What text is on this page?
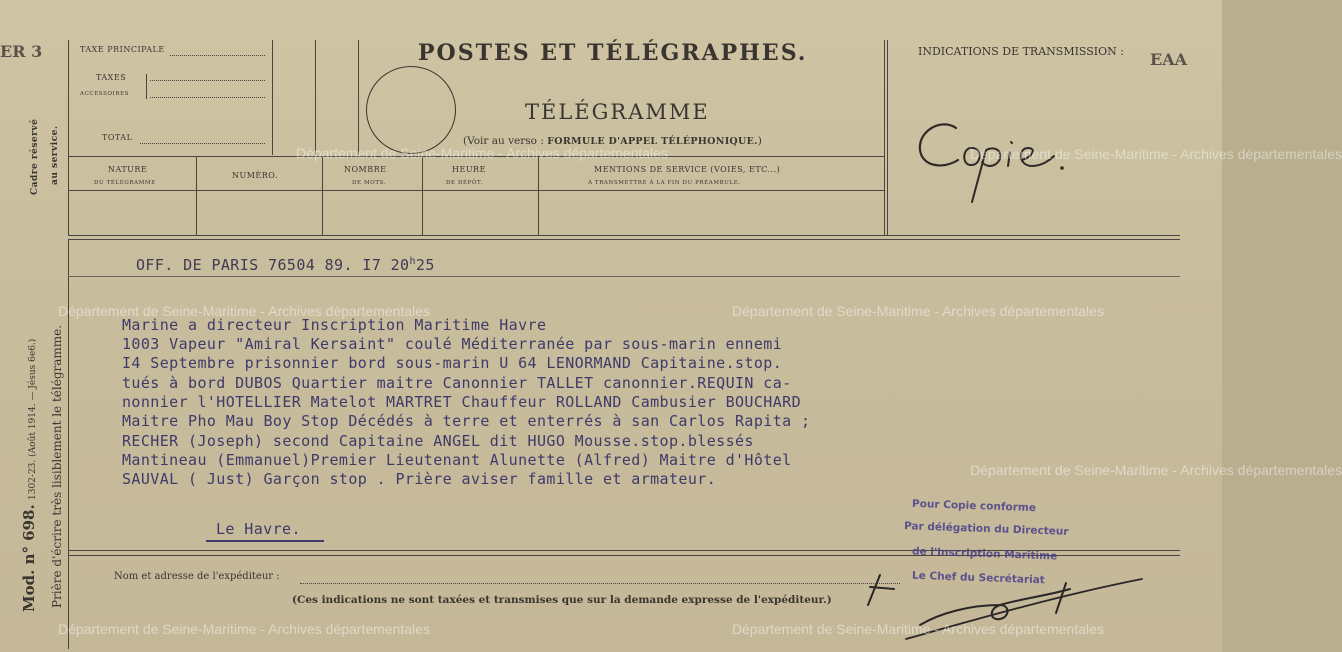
ER 3	EAA
TAXE PRINCIPALE
TAXES
ACCESSOIRES
TOTAL
POSTES ET TÉLÉGRAPHES.
TÉLÉGRAMME
(Voir au verso : FORMULE D'APPEL TÉLÉPHONIQUE.)
INDICATIONS DE TRANSMISSION :
NATURE
DU TÉLÉGRAMME
NUMÉRO.
NOMBRE
DE MOTS.
HEURE
DE DÉPÔT.
MENTIONS DE SERVICE (VOIES, ETC...)
À TRANSMETTRE À LA FIN DU PRÉAMBULE.
Cadre réservé au service.
Mod. n° 698.
1302-23. (Août 1914. — Jésus 6e6.) Prière d'écrire très lisiblement le télégramme.
OFF. DE PARIS 76504 89. I7 20$^h$25
Marine a directeur Inscription Maritime Havre
1003 Vapeur "Amiral Kersaint" coulé Méditerranée par sous-marin ennemi
I4 Septembre prisonnier bord sous-marin U 64 LENORMAND Capitaine.stop.
tués à bord DUBOS Quartier maitre Canonnier TALLET canonnier.REQUIN ca-
nonnier l'HOTELLIER Matelot MARTRET Chauffeur ROLLAND Cambusier BOUCHARD
Maitre Pho Mau Boy Stop Décédés à terre et enterrés à san Carlos Rapita ;
RECHER (Joseph) second Capitaine ANGEL dit HUGO Mousse.stop.blessés
Mantineau (Emmanuel)Premier Lieutenant Alunette (Alfred) Maitre d'Hôtel
SAUVAL ( Just) Garçon stop . Prière aviser famille et armateur.
Le Havre.
Pour Copie conforme
Par délégation du Directeur
de l'Inscription Maritime
Le Chef du Secrétariat
Nom et adresse de l'expéditeur :
(Ces indications ne sont taxées et transmises que sur la demande expresse de l'expéditeur.)
Département de Seine-Maritime - Archives départementales	Département de Seine-Maritime - Archives départementales
Département de Seine-Maritime - Archives départementales	Département de Seine-Maritime - Archives départementales
Département de Seine-Maritime - Archives départementales
Département de Seine-Maritime - Archives départementales	Département de Seine-Maritime - Archives départementales
